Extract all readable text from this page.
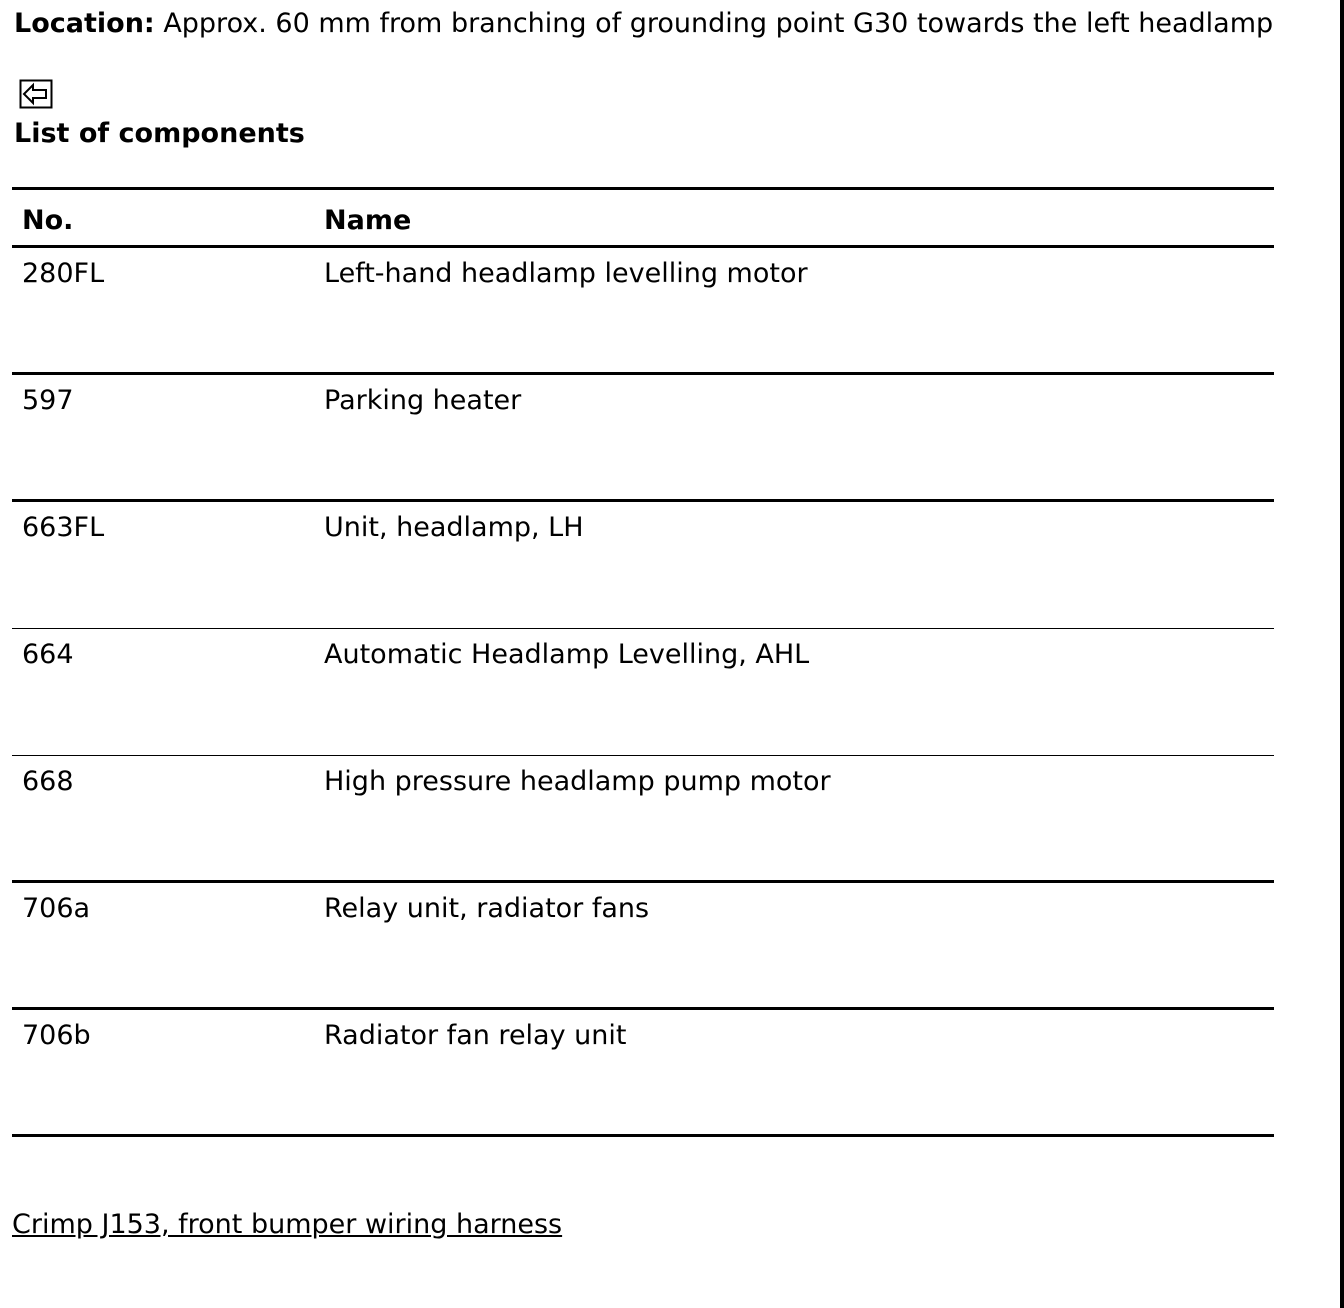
Location: Approx. 60 mm from branching of grounding point G30 towards the left headlamp
List of components
No.	Name
280FL	Left-hand headlamp levelling motor
597	Parking heater
663FL	Unit, headlamp, LH
664	Automatic Headlamp Levelling, AHL
668	High pressure headlamp pump motor
706a	Relay unit, radiator fans
706b	Radiator fan relay unit
Crimp J153, front bumper wiring harness
